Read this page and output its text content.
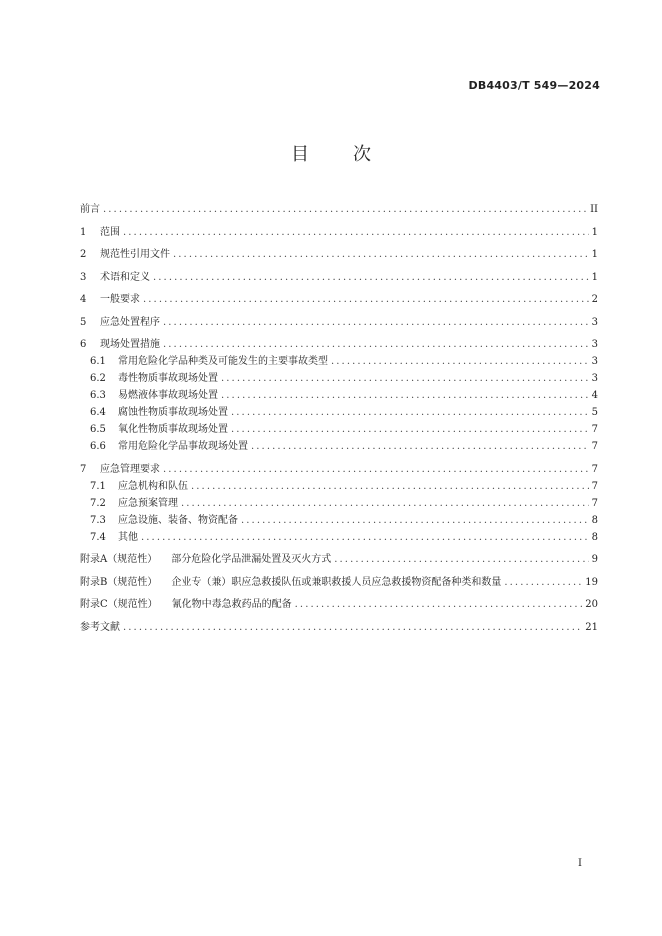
DB4403/T 549—2024
目 次
前言 .....	II
1	范围 .....	1
2	规范性引用文件 .....	1
3	术语和定义 .....	1
4	一般要求 .....	2
5	应急处置程序 .....	3
6	现场处置措施 .....	3
6.1	常用危险化学品种类及可能发生的主要事故类型 .....	3
6.2	毒性物质事故现场处置 .....	3
6.3	易燃液体事故现场处置 .....	4
6.4	腐蚀性物质事故现场处置 .....	5
6.5	氧化性物质事故现场处置 .....	7
6.6	常用危险化学品事故现场处置 .....	7
7	应急管理要求 .....	7
7.1	应急机构和队伍 .....	7
7.2	应急预案管理 .....	7
7.3	应急设施、装备、物资配备 .....	8
7.4	其他 .....	8
附录A（规范性） 部分危险化学品泄漏处置及灭火方式 .....	9
附录B（规范性） 企业专（兼）职应急救援队伍或兼职救援人员应急救援物资配备种类和数量 .....	19
附录C（规范性） 氰化物中毒急救药品的配备 .....	20
参考文献 .....	21
I
